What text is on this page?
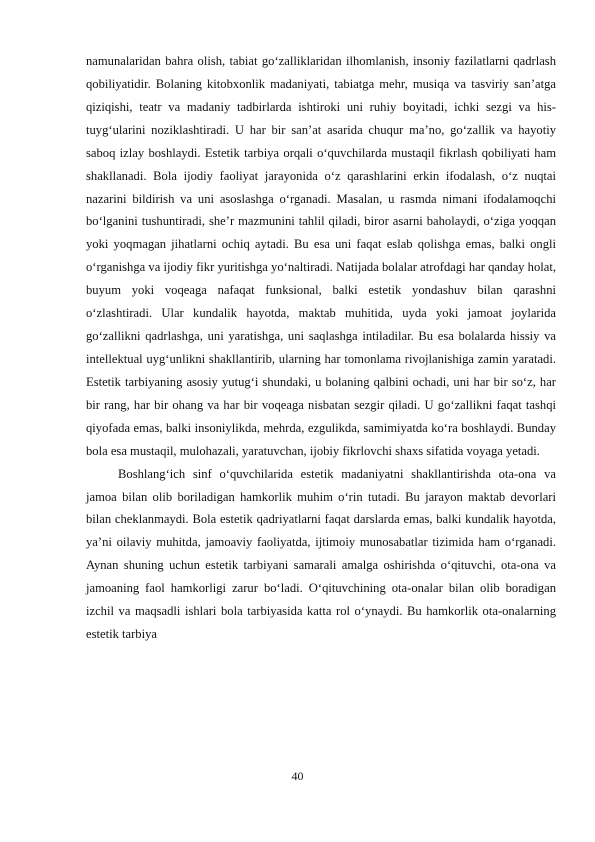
namunalaridan bahra olish, tabiat go‘zalliklaridan ilhomlanish, insoniy fazilatlarni qadrlash qobiliyatidir. Bolaning kitobxonlik madaniyati, tabiatga mehr, musiqa va tasviriy san’atga qiziqishi, teatr va madaniy tadbirlarda ishtiroki uni ruhiy boyitadi, ichki sezgi va his-tuyg‘ularini noziklashtiradi. U har bir san’at asarida chuqur ma’no, go‘zallik va hayotiy saboq izlay boshlaydi. Estetik tarbiya orqali o‘quvchilarda mustaqil fikrlash qobiliyati ham shakllanadi. Bola ijodiy faoliyat jarayonida o‘z qarashlarini erkin ifodalash, o‘z nuqtai nazarini bildirish va uni asoslashga o‘rganadi. Masalan, u rasmda nimani ifodalamoqchi bo‘lganini tushuntiradi, she’r mazmunini tahlil qiladi, biror asarni baholaydi, o‘ziga yoqqan yoki yoqmagan jihatlarni ochiq aytadi. Bu esa uni faqat eslab qolishga emas, balki ongli o‘rganishga va ijodiy fikr yuritishga yo‘naltiradi. Natijada bolalar atrofdagi har qanday holat, buyum yoki voqeaga nafaqat funksional, balki estetik yondashuv bilan qarashni o‘zlashtiradi. Ular kundalik hayotda, maktab muhitida, uyda yoki jamoat joylarida go‘zallikni qadrlashga, uni yaratishga, uni saqlashga intiladilar. Bu esa bolalarda hissiy va intellektual uyg‘unlikni shakllantirib, ularning har tomonlama rivojlanishiga zamin yaratadi. Estetik tarbiyaning asosiy yutug‘i shundaki, u bolaning qalbini ochadi, uni har bir so‘z, har bir rang, har bir ohang va har bir voqeaga nisbatan sezgir qiladi. U go‘zallikni faqat tashqi qiyofada emas, balki insoniylikda, mehrda, ezgulikda, samimiyatda ko‘ra boshlaydi. Bunday bola esa mustaqil, mulohazali, yaratuvchan, ijobiy fikrlovchi shaxs sifatida voyaga yetadi.

Boshlang‘ich sinf o‘quvchilarida estetik madaniyatni shakllantirishda ota-ona va jamoa bilan olib boriladigan hamkorlik muhim o‘rin tutadi. Bu jarayon maktab devorlari bilan cheklanmaydi. Bola estetik qadriyatlarni faqat darslarda emas, balki kundalik hayotda, ya’ni oilaviy muhitda, jamoaviy faoliyatda, ijtimoiy munosabatlar tizimida ham o‘rganadi. Aynan shuning uchun estetik tarbiyani samarali amalga oshirishda o‘qituvchi, ota-ona va jamoaning faol hamkorligi zarur bo‘ladi. O‘qituvchining ota-onalar bilan olib boradigan izchil va maqsadli ishlari bola tarbiyasida katta rol o‘ynaydi. Bu hamkorlik ota-onalarning estetik tarbiya

40
